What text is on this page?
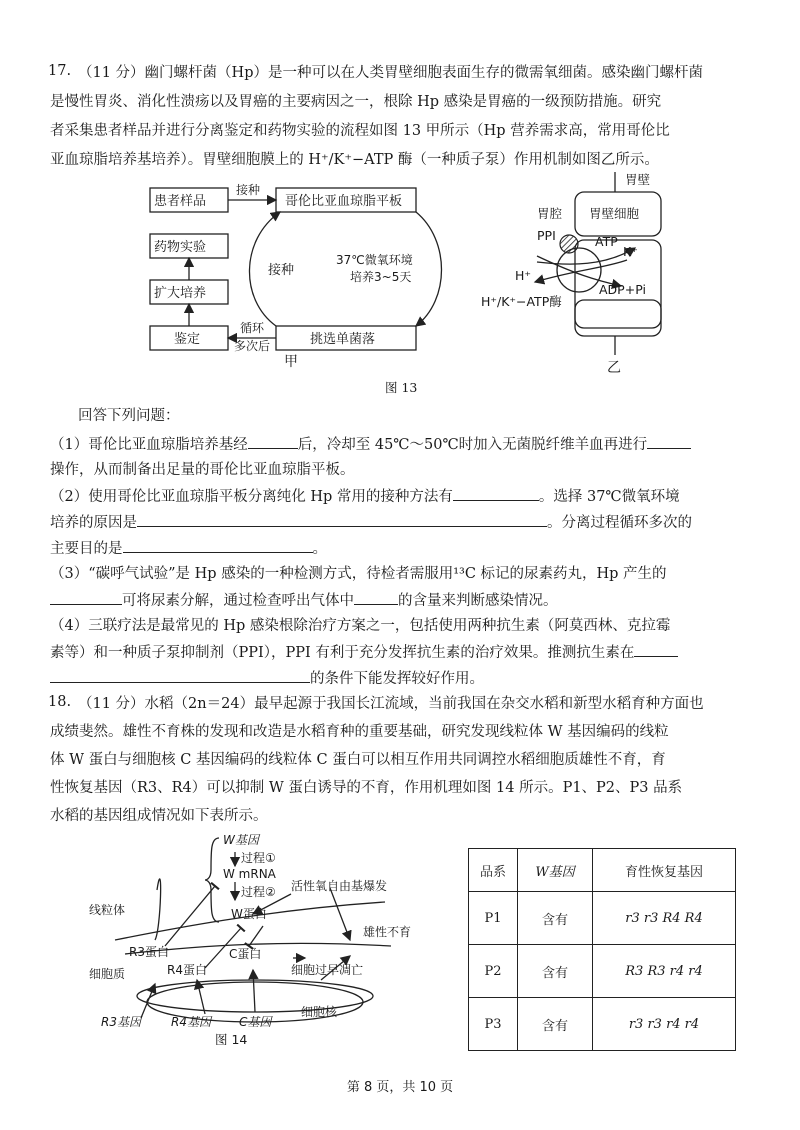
17. （11 分）幽门螺杆菌（Hp）是一种可以在人类胃壁细胞表面生存的微需氧细菌。感染幽门螺杆菌
是慢性胃炎、消化性溃疡以及胃癌的主要病因之一，根除 Hp 感染是胃癌的一级预防措施。研究
者采集患者样品并进行分离鉴定和药物实验的流程如图 13 甲所示（Hp 营养需求高，常用哥伦比
亚血琼脂培养基培养）。胃壁细胞膜上的 H⁺/K⁺−ATP 酶（一种质子泵）作用机制如图乙所示。
患者样品
接种
哥伦比亚血琼脂平板
药物实验
扩大培养
鉴定
接种
37℃微氧环境
培养3~5天
循环
多次后	挑选单菌落
甲
胃壁
胃腔 胃壁细胞
PPI	ATP
K⁺
H⁺
ADP+Pi
H⁺/K⁺−ATP酶
乙
图 13
回答下列问题：
（1）哥伦比亚血琼脂培养基经	后，冷却至 45℃～50℃时加入无菌脱纤维羊血再进行
操作，从而制备出足量的哥伦比亚血琼脂平板。
（2）使用哥伦比亚血琼脂平板分离纯化 Hp 常用的接种方法有	。选择 37℃微氧环境
培养的原因是	。分离过程循环多次的
主要目的是	。
（3）“碳呼气试验”是 Hp 感染的一种检测方式，待检者需服用¹³C 标记的尿素药丸，Hp 产生的
可将尿素分解，通过检查呼出气体中	的含量来判断感染情况。
（4）三联疗法是最常见的 Hp 感染根除治疗方案之一，包括使用两种抗生素（阿莫西林、克拉霉
素等）和一种质子泵抑制剂（PPI），PPI 有利于充分发挥抗生素的治疗效果。推测抗生素在
的条件下能发挥较好作用。
18. （11 分）水稻（2n＝24）最早起源于我国长江流域，当前我国在杂交水稻和新型水稻育种方面也
成绩斐然。雄性不育株的发现和改造是水稻育种的重要基础，研究发现线粒体 W 基因编码的线粒
体 W 蛋白与细胞核 C 基因编码的线粒体 C 蛋白可以相互作用共同调控水稻细胞质雄性不育，育
性恢复基因（R3、R4）可以抑制 W 蛋白诱导的不育，作用机理如图 14 所示。P1、P2、P3 品系
水稻的基因组成情况如下表所示。
W基因
过程①
W mRNA
过程②
W蛋白
活性氧自由基爆发
线粒体
雄性不育
R3蛋白	C蛋白
R4蛋白
细胞质	细胞过早凋亡
R3基因	R4基因 C基因
细胞核
图 14
品系	W基因	育性恢复基因
P1	含有	r3 r3 R4 R4
P2	含有	R3 R3 r4 r4
P3	含有	r3 r3 r4 r4
第 8 页，共 10 页
